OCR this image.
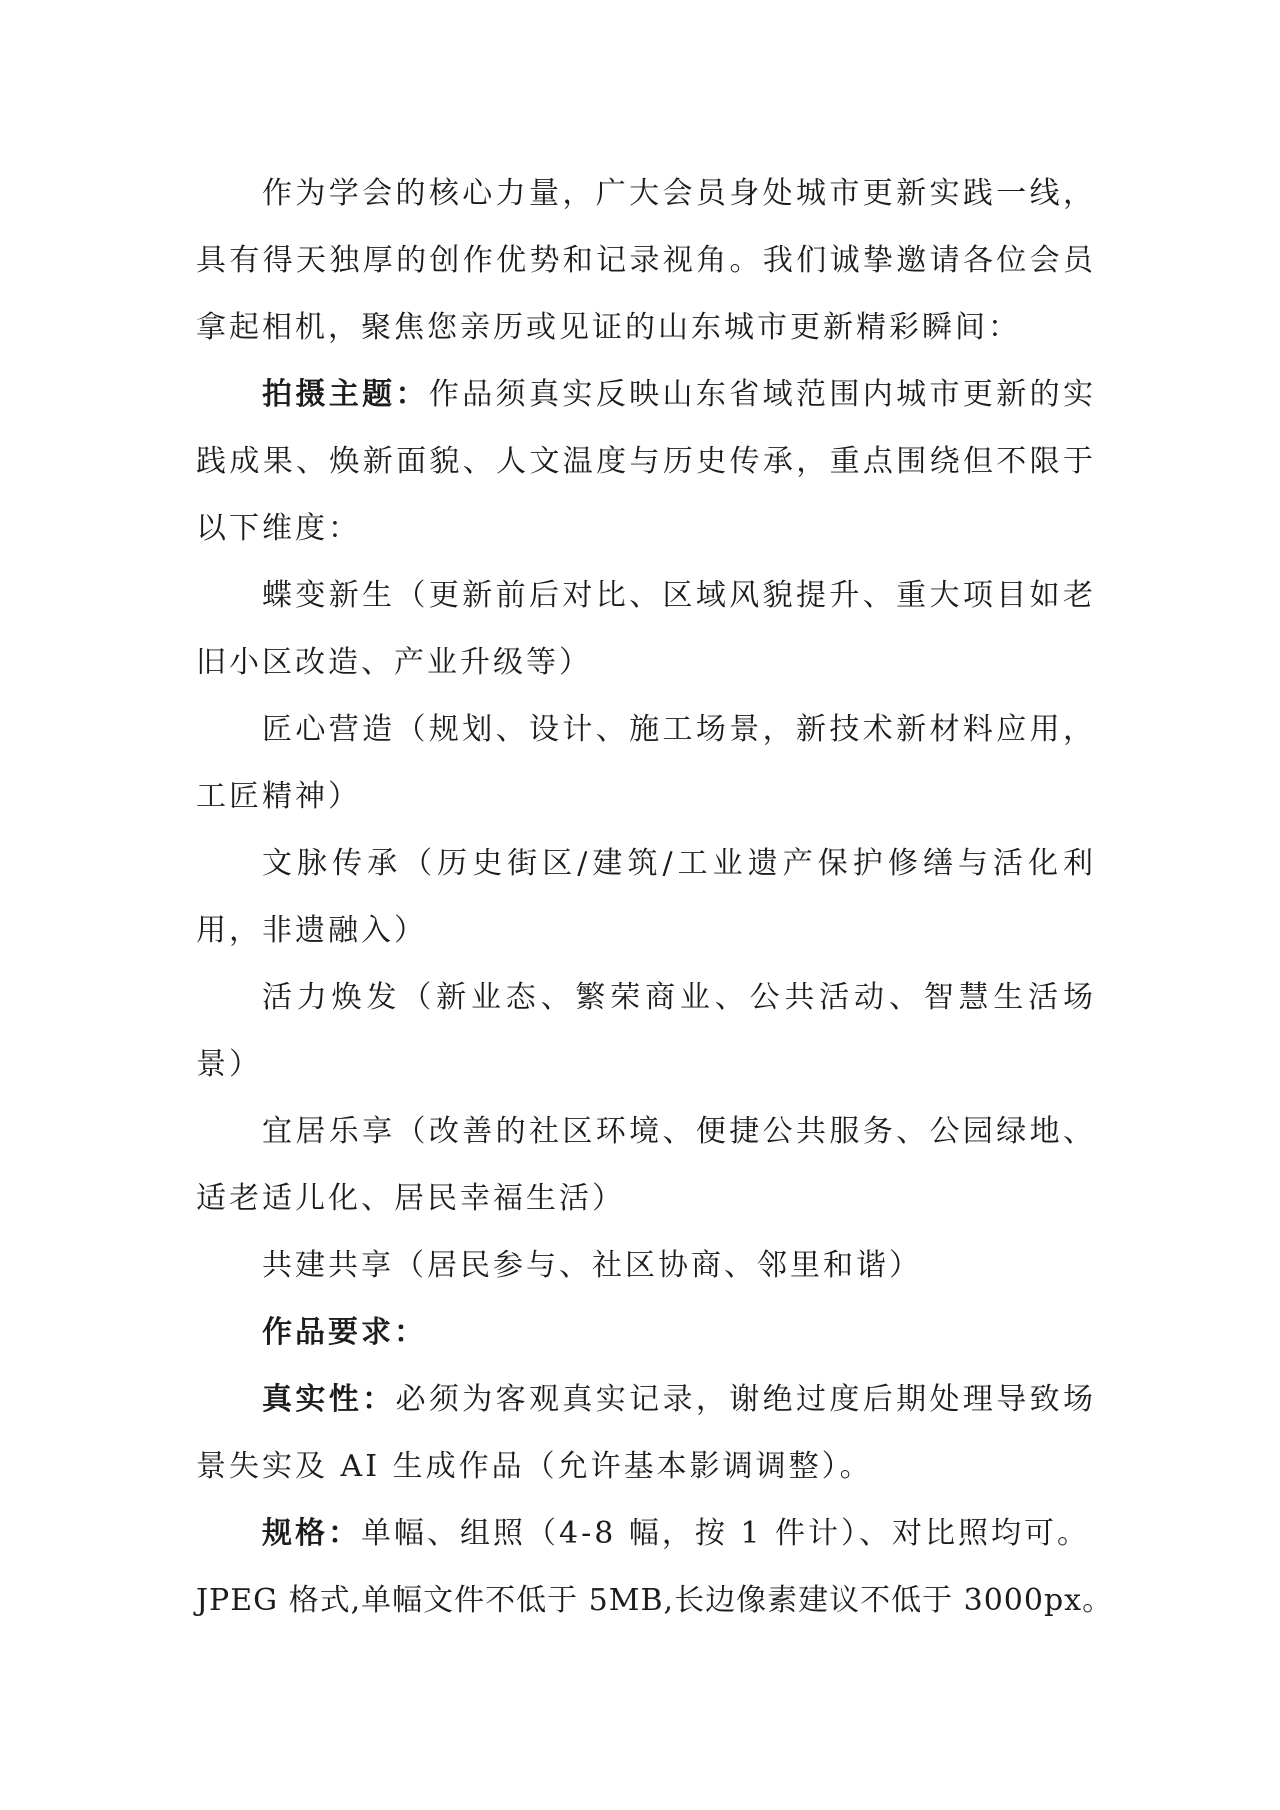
作为学会的核心力量，广大会员身处城市更新实践一线，具有得天独厚的创作优势和记录视角。我们诚挚邀请各位会员拿起相机，聚焦您亲历或见证的山东城市更新精彩瞬间：

拍摄主题：作品须真实反映山东省域范围内城市更新的实践成果、焕新面貌、人文温度与历史传承，重点围绕但不限于以下维度：

蝶变新生（更新前后对比、区域风貌提升、重大项目如老旧小区改造、产业升级等）

匠心营造（规划、设计、施工场景，新技术新材料应用，工匠精神）

文脉传承（历史街区/建筑/工业遗产保护修缮与活化利用，非遗融入）

活力焕发（新业态、繁荣商业、公共活动、智慧生活场景）

宜居乐享（改善的社区环境、便捷公共服务、公园绿地、适老适儿化、居民幸福生活）

共建共享（居民参与、社区协商、邻里和谐）

作品要求：

真实性：必须为客观真实记录，谢绝过度后期处理导致场景失实及 AI 生成作品（允许基本影调调整）。

规格：单幅、组照（4-8 幅，按 1 件计）、对比照均可。

JPEG 格式,单幅文件不低于 5MB,长边像素建议不低于 3000px。
